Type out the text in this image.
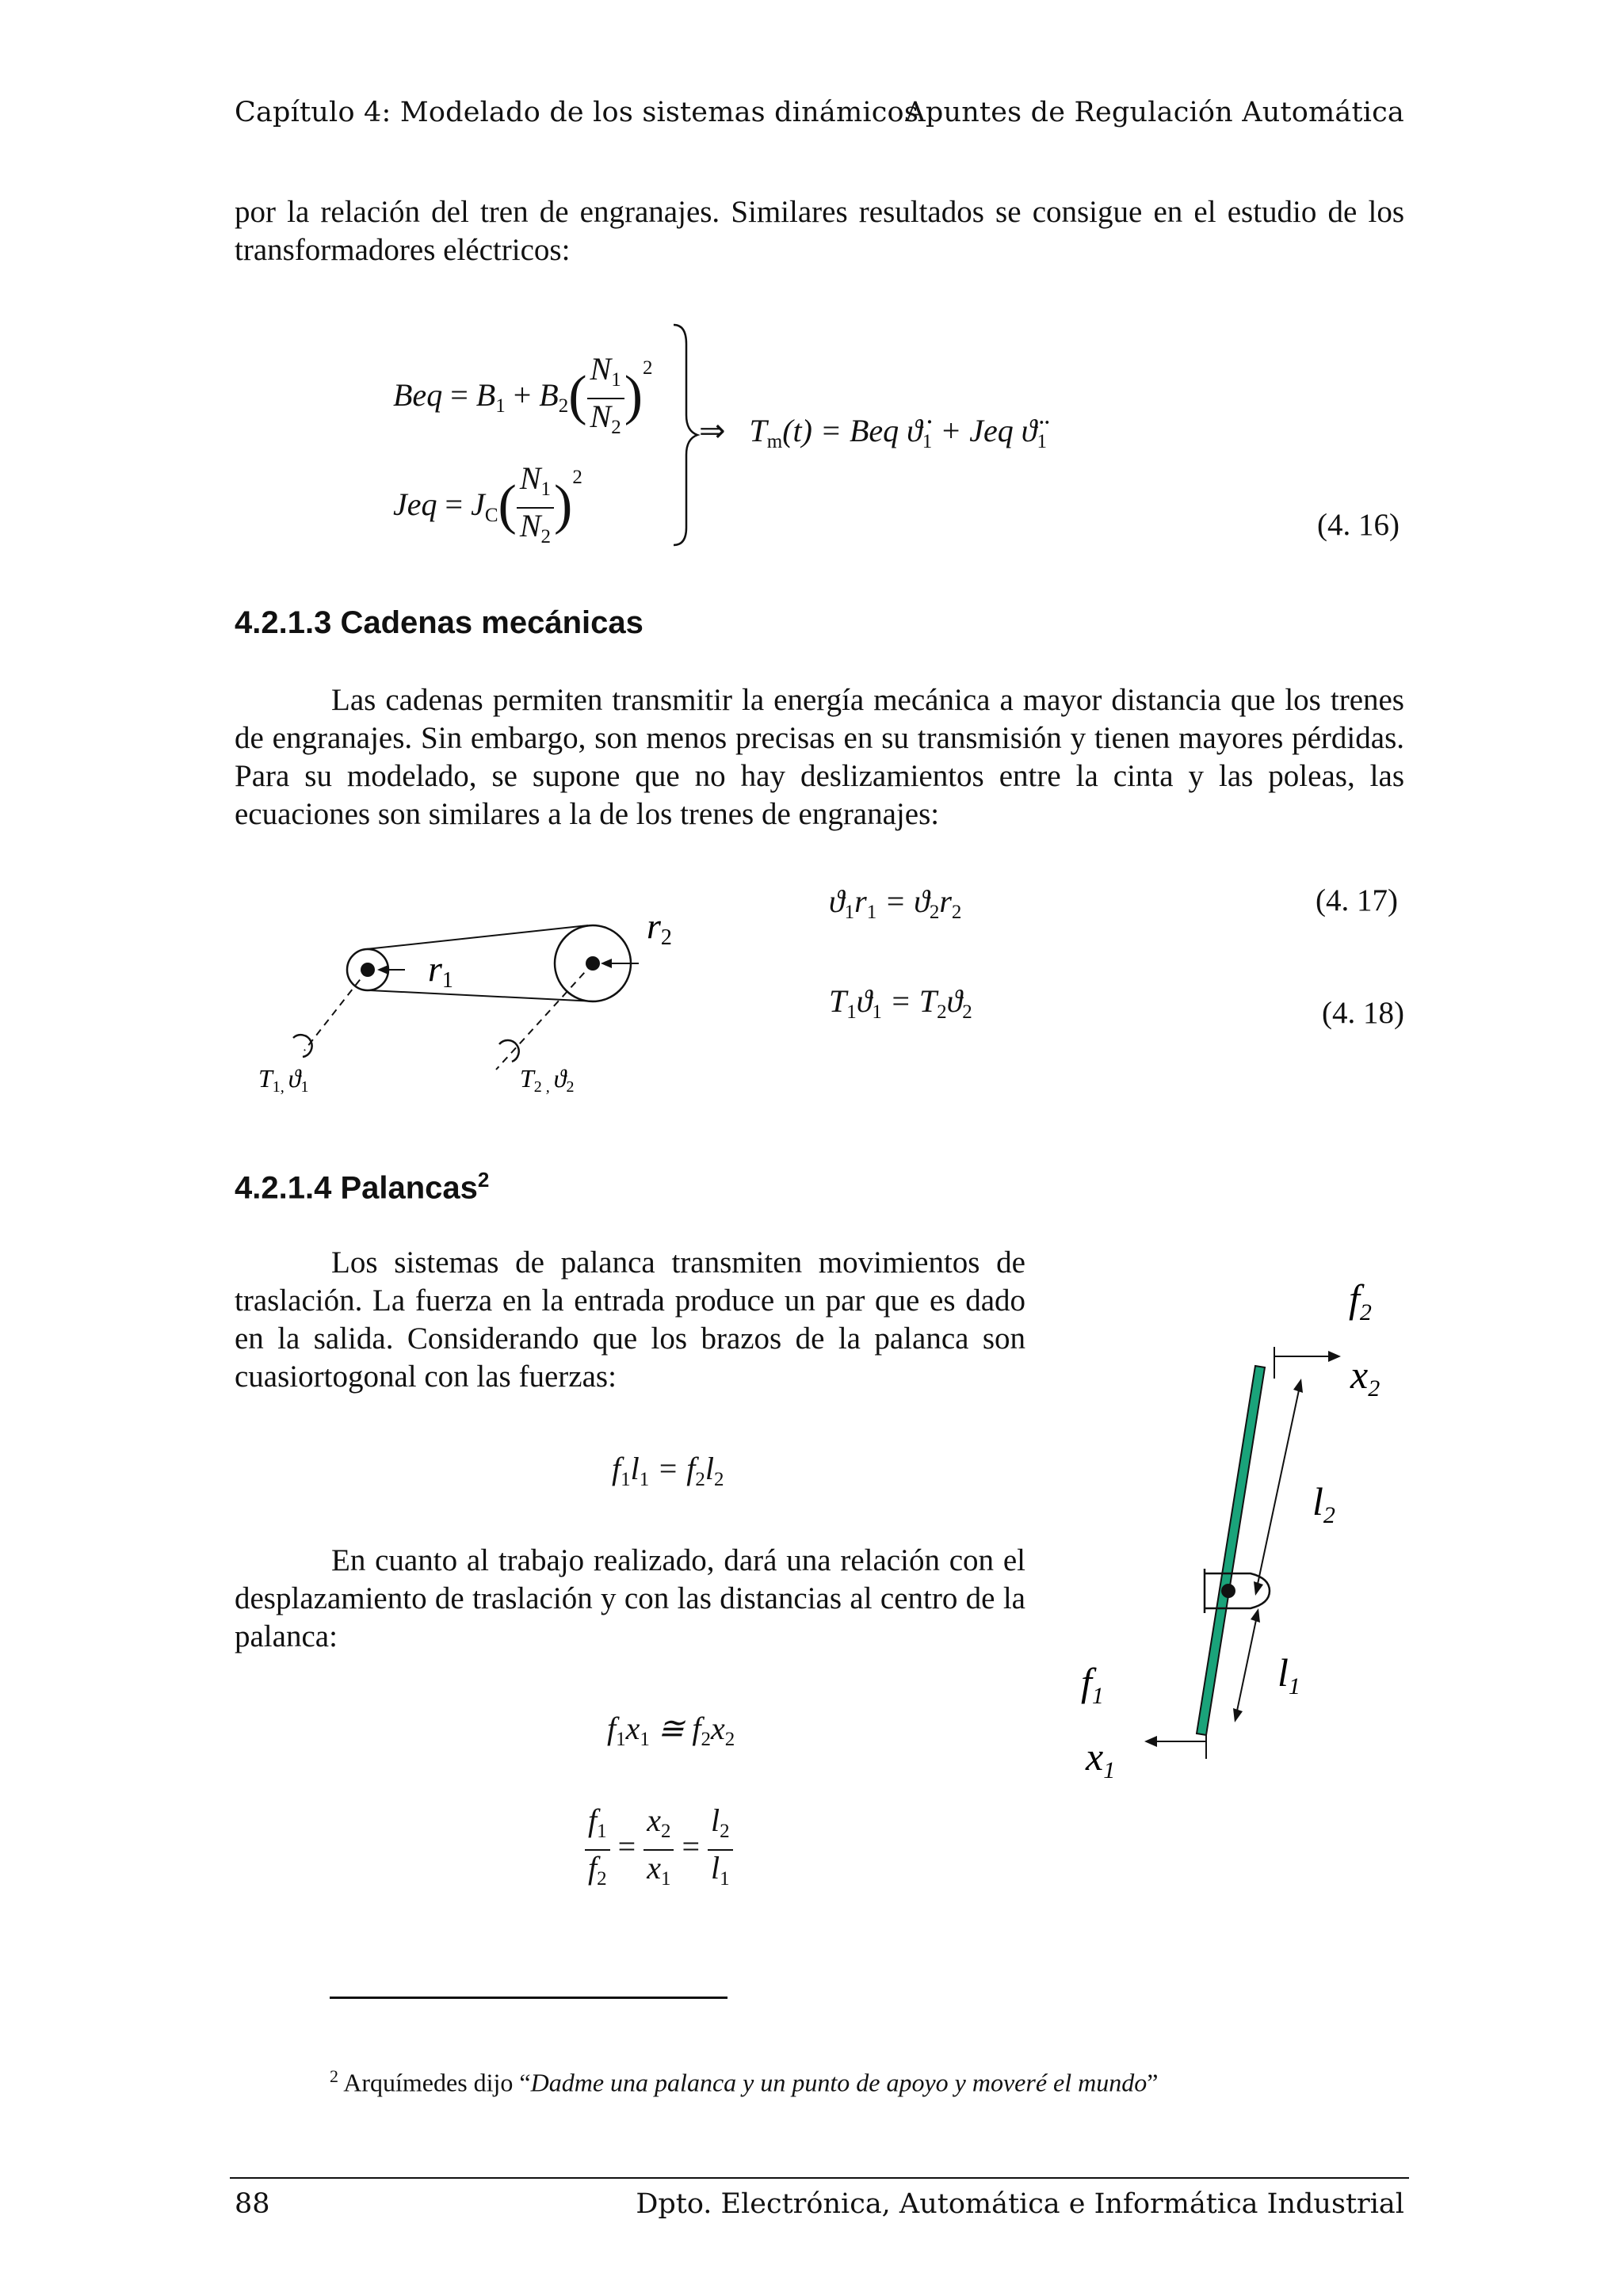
Capítulo 4: Modelado de los sistemas dinámicos
Apuntes de Regulación Automática
por la relación del tren de engranajes. Similares resultados se consigue en el estudio de los transformadores eléctricos:
Beq = $B_1 + B_2( \frac{N_1}{N_2} )^2$
Jeq = $J_C( \frac{N_1}{N_2} )^2$
⇒ $T_m(t)$ = Beq $ϑ̇_1$ + Jeq $ϑ̈_1$
(4. 16)
4.2.1.3 Cadenas mecánicas
Las cadenas permiten transmitir la energía mecánica a mayor distancia que los trenes de engranajes. Sin embargo, son menos precisas en su transmisión y tienen mayores pérdidas. Para su modelado, se supone que no hay deslizamientos entre la cinta y las poleas, las ecuaciones son similares a la de los trenes de engranajes:
r1
r2
T1, ϑ1	T2 , ϑ2
$ϑ_1r_1 = ϑ_2r_2$	(4. 17)
$T_1ϑ_1 = T_2ϑ_2$	(4. 18)
4.2.1.4 Palancas$^2$
Los sistemas de palanca transmiten movimientos de traslación. La fuerza en la entrada produce un par que es dado en la salida. Considerando que los brazos de la palanca son cuasiortogonal con las fuerzas:
$f_1l_1 = f_2l_2$
En cuanto al trabajo realizado, dará una relación con el desplazamiento de traslación y con las distancias al centro de la palanca:
$f_1x_1$ ≅ $f_2x_2$
$\frac{f_1}{f_2} = \frac{x_2}{x_1} = \frac{l_2}{l_1}$
$f_2$
$x_2$
$l_2$
$l_1$
$f_1$
$x_1$
$^2$ Arquímedes dijo “Dadme una palanca y un punto de apoyo y moveré el mundo”
88	Dpto. Electrónica, Automática e Informática Industrial
